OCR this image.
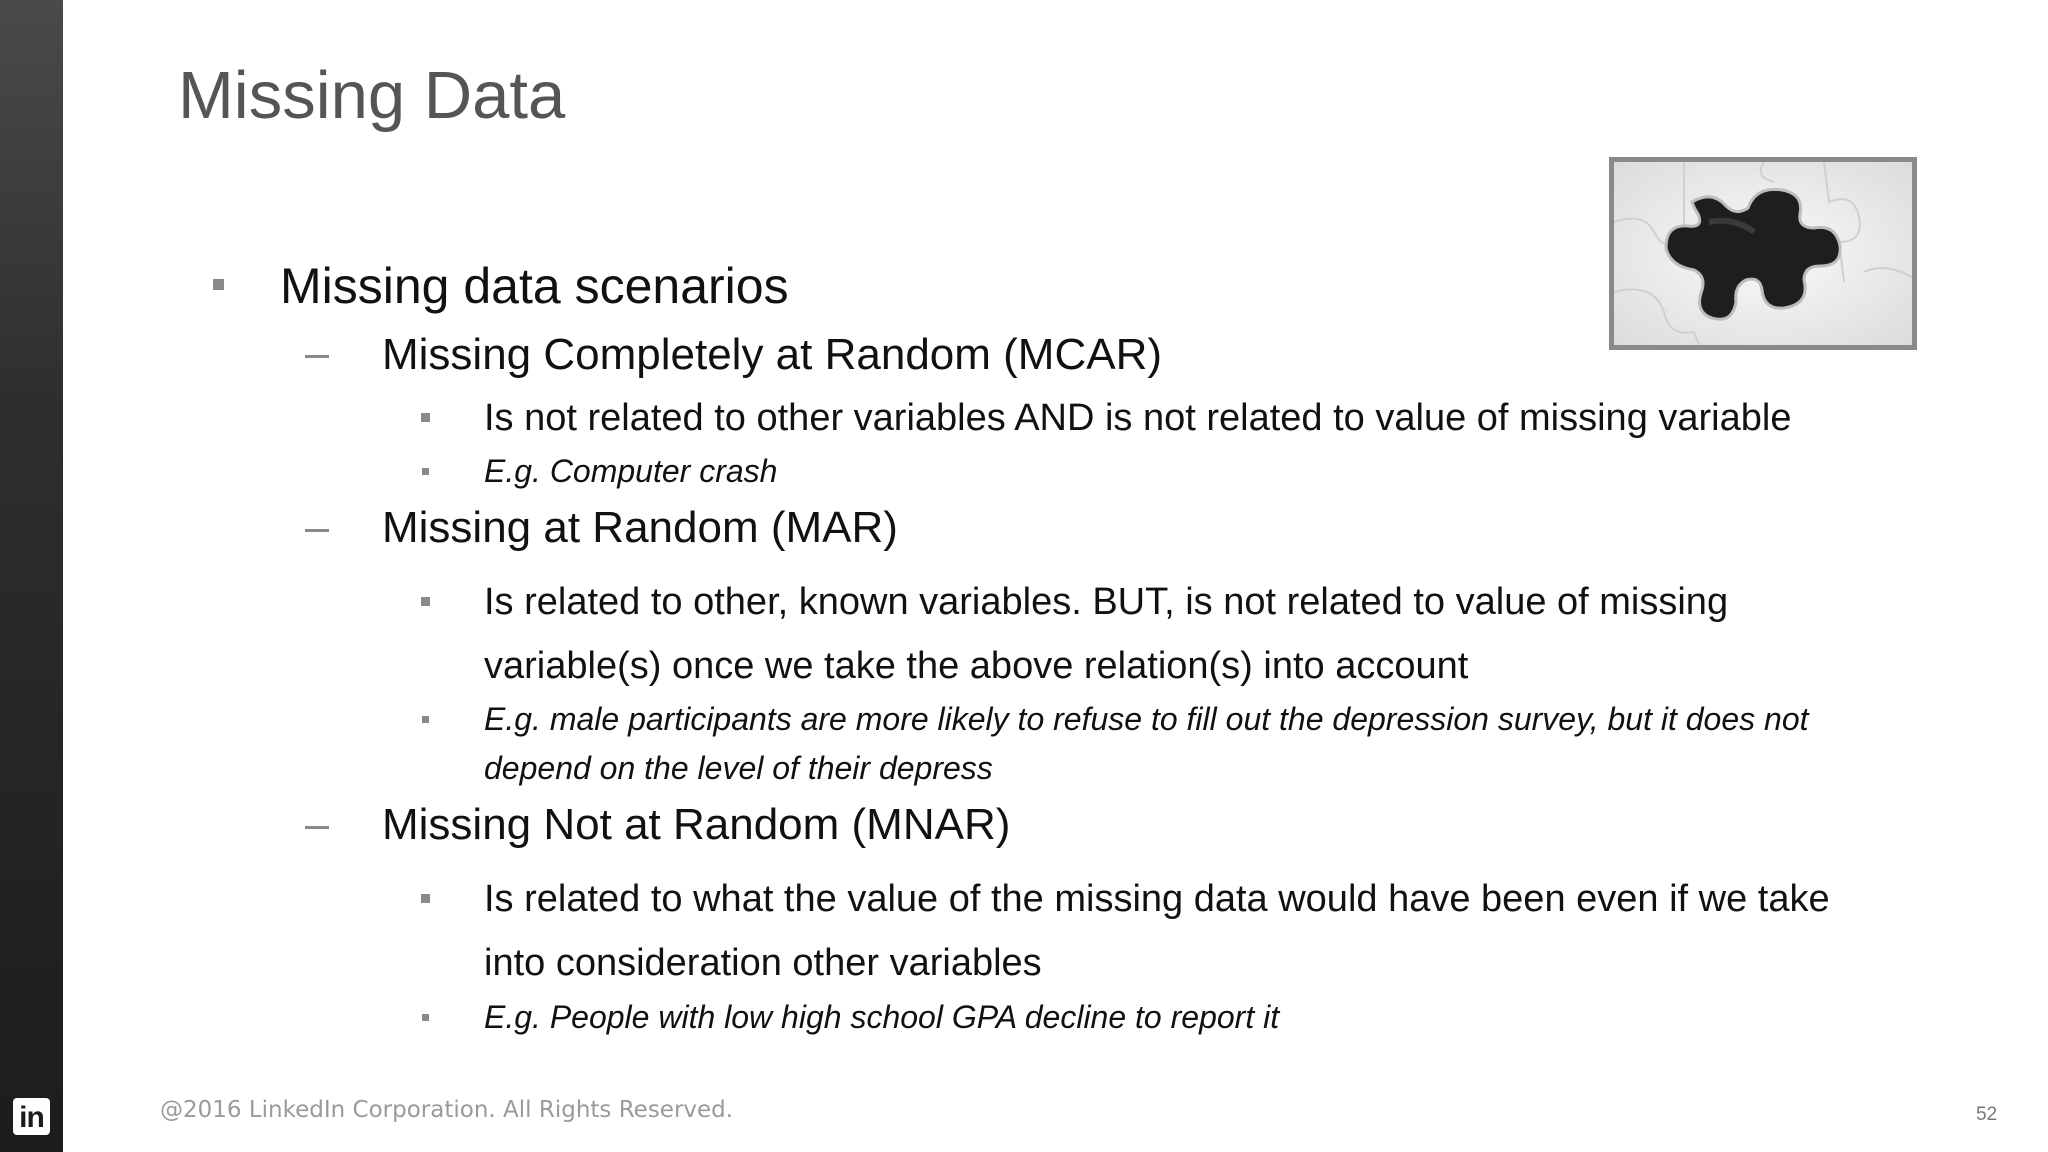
in
Missing Data
Missing data scenarios
Missing Completely at Random (MCAR)
Is not related to other variables AND is not related to value of missing variable
E.g. Computer crash
Missing at Random (MAR)
Is related to other, known variables. BUT, is not related to value of missing
variable(s) once we take the above relation(s) into account
E.g. male participants are more likely to refuse to fill out the depression survey, but it does not
depend on the level of their depress
Missing Not at Random (MNAR)
Is related to what the value of the missing data would have been even if we take
into consideration other variables
E.g. People with low high school GPA decline to report it
@2016 LinkedIn Corporation. All Rights Reserved.	52
